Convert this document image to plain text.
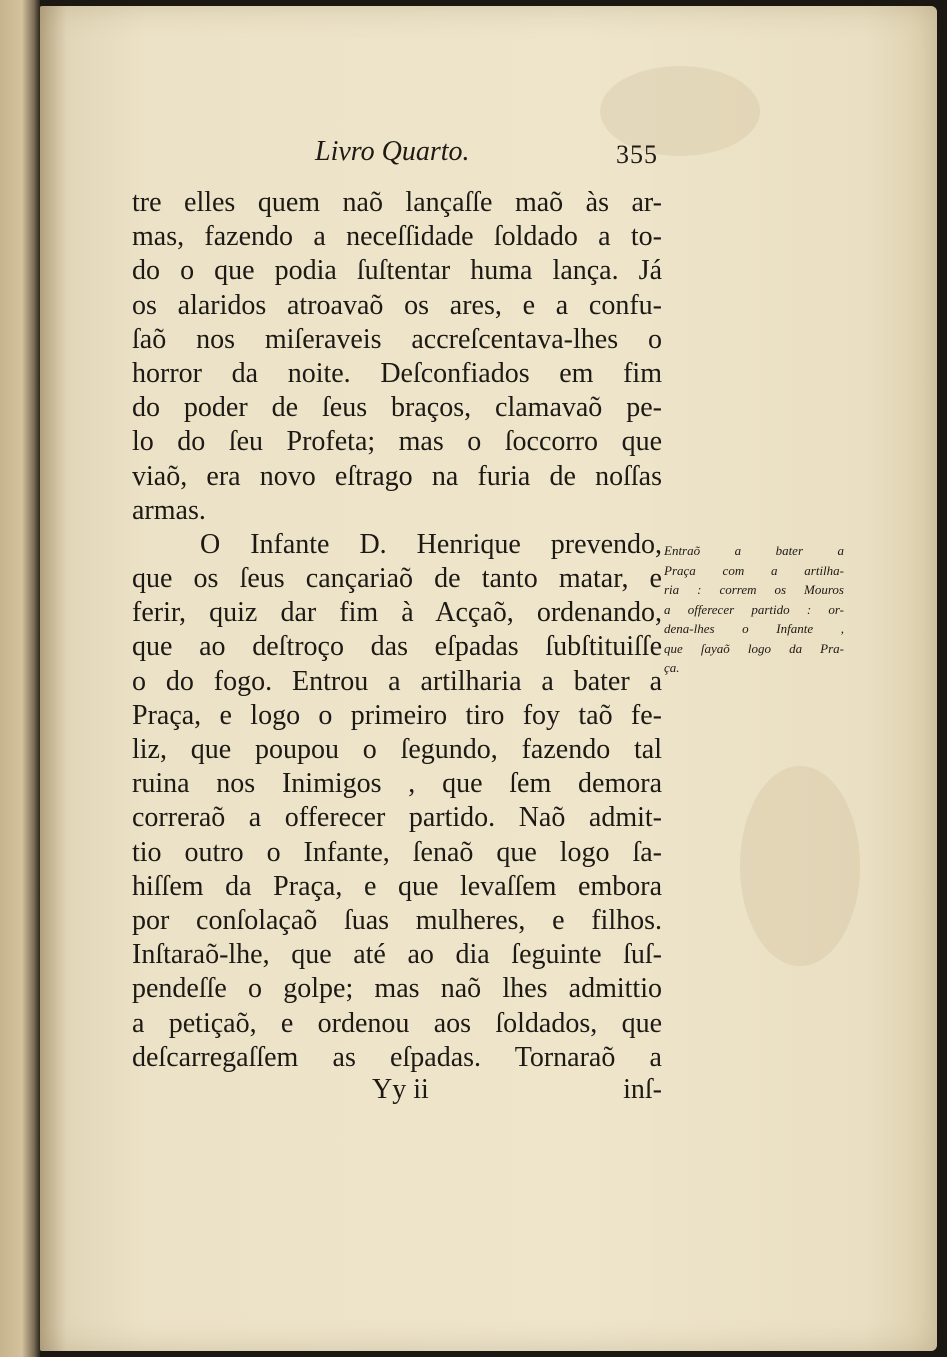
Livro Quarto.	355
tre elles quem naõ lançaſſe maõ às ar-
mas, fazendo a neceſſidade ſoldado a to-
do o que podia ſuſtentar huma lança. Já
os alaridos atroavaõ os ares, e a confu-
ſaõ nos miſeraveis accreſcentava-lhes o
horror da noite. Deſconfiados em fim
do poder de ſeus braços, clamavaõ pe-
lo do ſeu Profeta; mas o ſoccorro que
viaõ, era novo eſtrago na furia de noſſas
armas.
O Infante D. Henrique prevendo,
que os ſeus cançariaõ de tanto matar, e
ferir, quiz dar fim à Acçaõ, ordenando,
que ao deſtroço das eſpadas ſubſtituiſſe
o do fogo. Entrou a artilharia a bater a
Praça, e logo o primeiro tiro foy taõ fe-
liz, que poupou o ſegundo, fazendo tal
ruina nos Inimigos , que ſem demora
correraõ a offerecer partido. Naõ admit-
tio outro o Infante, ſenaõ que logo ſa-
hiſſem da Praça, e que levaſſem embora
por conſolaçaõ ſuas mulheres, e filhos.
Inſtaraõ-lhe, que até ao dia ſeguinte ſuſ-
pendeſſe o golpe; mas naõ lhes admittio
a petiçaõ, e ordenou aos ſoldados, que
deſcarregaſſem as eſpadas. Tornaraõ a
Entraõ a bater a
Praça com a artilha-
ria : correm os Mouros
a offerecer partido : or-
dena-lhes o Infante ,
que ſayaõ logo da Pra-
ça.
Yy ii	inſ-
